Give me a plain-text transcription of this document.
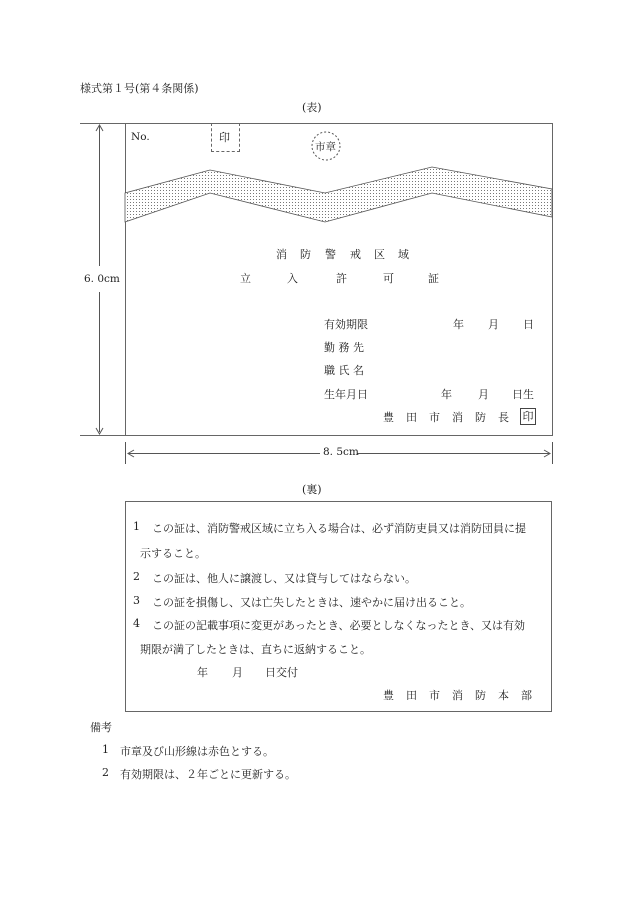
様式第１号(第４条関係)
(表)
6. 0cm
8. 5cm
No.	印
市章
消 防 警 戒 区 域
立	入	許	可	証
有効期限	年 月 日
勤 務 先
職 氏 名
生年月日	年 月 日生
豊 田 市 消 防 長 印
(裏)
1 この証は、消防警戒区域に立ち入る場合は、必ず消防吏員又は消防団員に提
示すること。
2 この証は、他人に譲渡し、又は貸与してはならない。
3 この証を損傷し、又は亡失したときは、速やかに届け出ること。
4 この証の記載事項に変更があったとき、必要としなくなったとき、又は有効
期限が満了したときは、直ちに返納すること。
年 月 日交付
豊 田 市 消 防 本 部
備考
1 市章及び山形線は赤色とする。
2 有効期限は、２年ごとに更新する。
